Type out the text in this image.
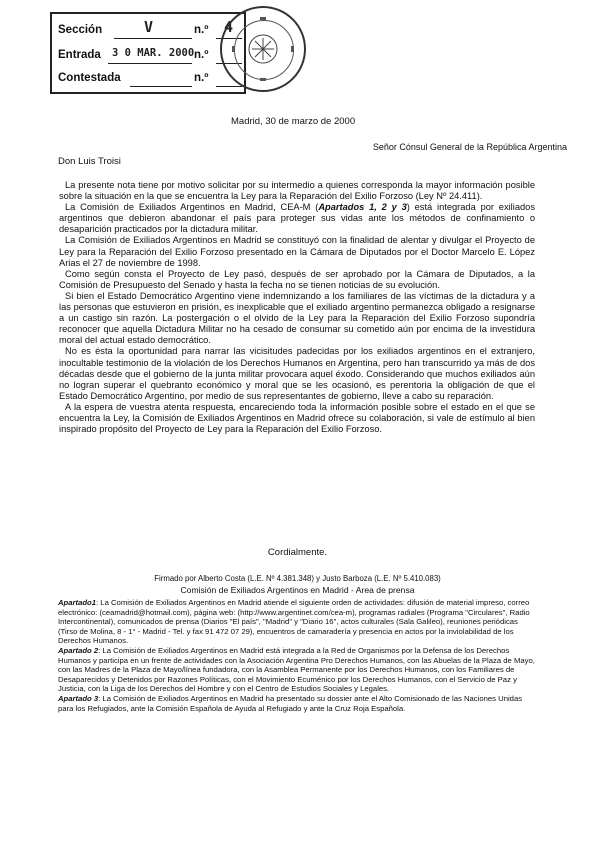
Sección	V	n.º 4
Entrada 3 0 MAR. 2000 n.º
Contestada	n.º
Madrid, 30 de marzo de 2000
Señor Cónsul General de la República Argentina
Don Luis Troisi

La presente nota tiene por motivo solicitar por su intermedio a quienes corresponda la mayor información posible sobre la situación en la que se encuentra la Ley para la Reparación del Exilio Forzoso (Ley Nº 24.411).

La Comisión de Exiliados Argentinos en Madrid, CEA-M (Apartados 1, 2 y 3) está integrada por exiliados argentinos que debieron abandonar el país para proteger sus vidas ante los métodos de confinamiento o desaparición practicados por la dictadura militar.

La Comisión de Exiliados Argentinos en Madrid se constituyó con la finalidad de alentar y divulgar el Proyecto de Ley para la Reparación del Exilio Forzoso presentado en la Cámara de Diputados por el Doctor Marcelo E. López Arias el 27 de noviembre de 1998.

Como según consta el Proyecto de Ley pasó, después de ser aprobado por la Cámara de Diputados, a la Comisión de Presupuesto del Senado y hasta la fecha no se tienen noticias de su evolución.

Si bien el Estado Democrático Argentino viene indemnizando a los familiares de las víctimas de la dictadura y a las personas que estuvieron en prisión, es inexplicable que el exiliado argentino permanezca obligado a resignarse a un castigo sin razón. La postergación o el olvido de la Ley para la Reparación del Exilio Forzoso supondría reconocer que aquella Dictadura Militar no ha cesado de consumar su cometido aún por encima de la investidura moral del actual estado democrático.

No es ésta la oportunidad para narrar las vicisitudes padecidas por los exiliados argentinos en el extranjero, inocultable testimonio de la violación de los Derechos Humanos en Argentina, pero han transcurrido ya más de dos décadas desde que el gobierno de la junta militar provocara aquel éxodo. Considerando que muchos exiliados aún no logran superar el quebranto económico y moral que se les ocasionó, es perentoria la obligación de que el Estado Democrático Argentino, por medio de sus representantes de gobierno, lleve a cabo su reparación.

A la espera de vuestra atenta respuesta, encareciendo toda la información posible sobre el estado en el que se encuentra la Ley, la Comisión de Exiliados Argentinos en Madrid ofrece su colaboración, si vale de estímulo al bien inspirado propósito del Proyecto de Ley para la Reparación del Exilio Forzoso.

Cordialmente.
Firmado por Alberto Costa (L.E. Nº 4.381.348) y Justo Barboza (L.E. Nº 5.410.083)
Comisión de Exiliados Argentinos en Madrid - Area de prensa

Apartado1: La Comisión de Exiliados Argentinos en Madrid atiende el siguiente orden de actividades: difusión de material impreso, correo electrónico: (ceamadrid@hotmail.com), página web: (http://www.argentinet.com/cea-m), programas radiales (Programa "Circulares", Radio Intercontinental), comunicados de prensa (Diarios "El país", "Madrid" y "Diario 16", actos culturales (Sala Galileo), reuniones periódicas (Tirso de Molina, 8 - 1° - Madrid - Tel. y fax 91 472 07 29), encuentros de camaradería y presencia en actos por la inviolabilidad de los Derechos Humanos.

Apartado 2: La Comisión de Exiliados Argentinos en Madrid está integrada a la Red de Organismos por la Defensa de los Derechos Humanos y participa en un frente de actividades con la Asociación Argentina Pro Derechos Humanos, con las Abuelas de la Plaza de Mayo, con las Madres de la Plaza de Mayo/línea fundadora, con la Asamblea Permanente por los Derechos Humanos, con los Familiares de Desaparecidos y Detenidos por Razones Políticas, con el Movimiento Ecuménico por los Derechos Humanos, con el Servicio de Paz y Justicia, con la Liga de los Derechos del Hombre y con el Centro de Estudios Sociales y Legales.

Apartado 3: La Comisión de Exiliados Argentinos en Madrid ha presentado su dossier ante el Alto Comisionado de las Naciones Unidas para los Refugiados, ante la Comisión Española de Ayuda al Refugiado y ante la Cruz Roja Española.
